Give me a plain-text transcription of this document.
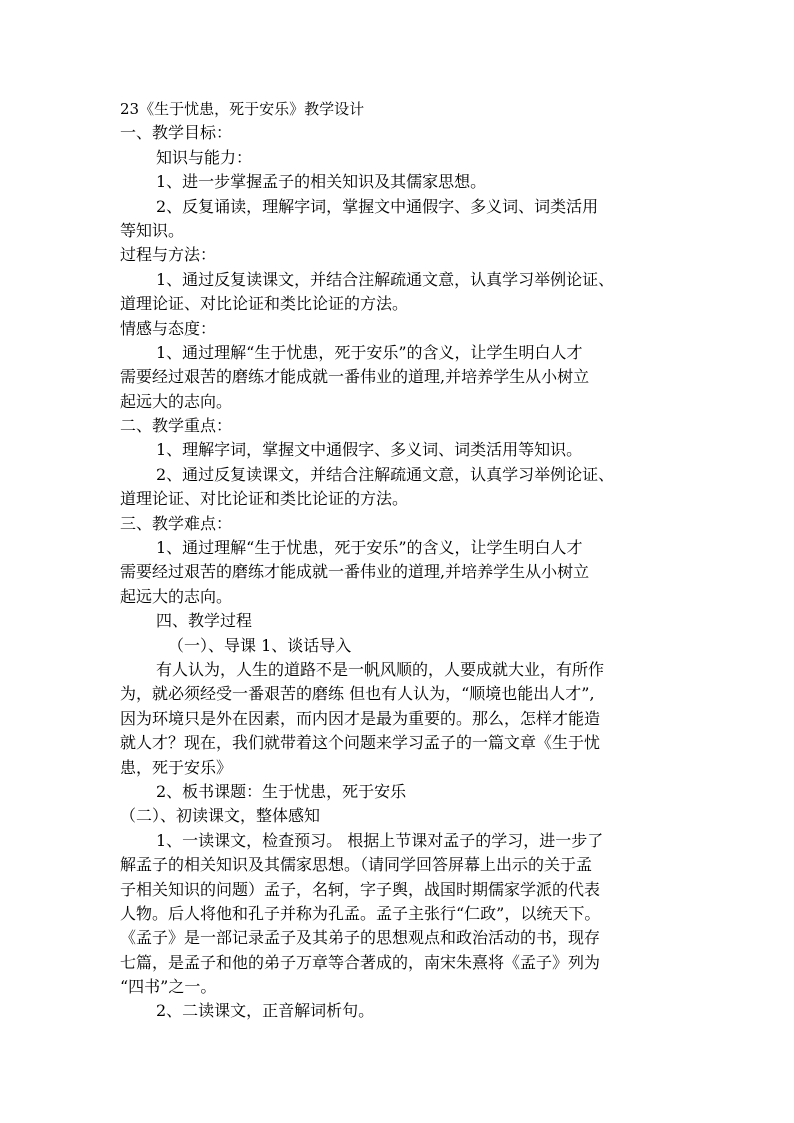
23《生于忧患，死于安乐》教学设计
一、教学目标：
知识与能力：
1、进一步掌握孟子的相关知识及其儒家思想。
2、反复诵读，理解字词，掌握文中通假字、多义词、词类活用
等知识。
过程与方法：
1、通过反复读课文，并结合注解疏通文意，认真学习举例论证、
道理论证、对比论证和类比论证的方法。
情感与态度：
1、通过理解“生于忧患，死于安乐”的含义，让学生明白人才
需要经过艰苦的磨练才能成就一番伟业的道理,并培养学生从小树立
起远大的志向。
二、教学重点：
1、理解字词，掌握文中通假字、多义词、词类活用等知识。
2、通过反复读课文，并结合注解疏通文意，认真学习举例论证、
道理论证、对比论证和类比论证的方法。
三、教学难点：
1、通过理解“生于忧患，死于安乐”的含义，让学生明白人才
需要经过艰苦的磨练才能成就一番伟业的道理,并培养学生从小树立
起远大的志向。
四、教学过程
（一）、导课 1、谈话导入
有人认为，人生的道路不是一帆风顺的，人要成就大业，有所作
为，就必须经受一番艰苦的磨练 但也有人认为，“顺境也能出人才”,
因为环境只是外在因素，而内因才是最为重要的。那么，怎样才能造
就人才？现在，我们就带着这个问题来学习孟子的一篇文章《生于忧
患，死于安乐》
2、板书课题：生于忧患，死于安乐
（二）、初读课文，整体感知
1、一读课文，检查预习。 根据上节课对孟子的学习，进一步了
解孟子的相关知识及其儒家思想。（请同学回答屏幕上出示的关于孟
子相关知识的问题）孟子，名轲，字子舆，战国时期儒家学派的代表
人物。后人将他和孔子并称为孔孟。孟子主张行“仁政”，以统天下。
《孟子》是一部记录孟子及其弟子的思想观点和政治活动的书，现存
七篇，是孟子和他的弟子万章等合著成的，南宋朱熹将《孟子》列为
“四书”之一。
2、二读课文，正音解词析句。
